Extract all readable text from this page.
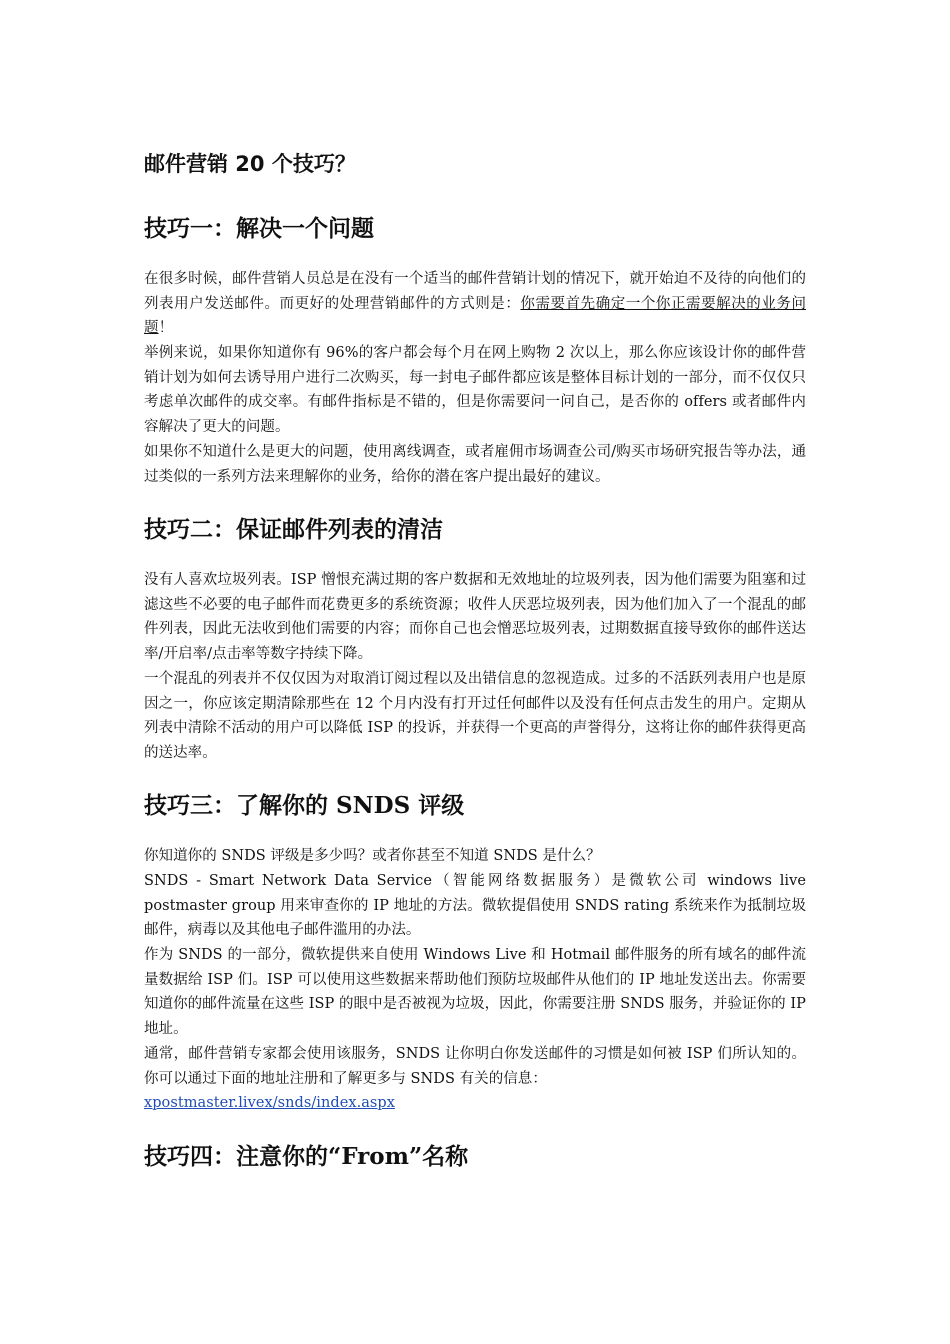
邮件营销 20 个技巧？
技巧一：解决一个问题

在很多时候，邮件营销人员总是在没有一个适当的邮件营销计划的情况下，就开始迫不及待的向他们的列表用户发送邮件。而更好的处理营销邮件的方式则是：你需要首先确定一个你正需要解决的业务问题！

举例来说，如果你知道你有 96%的客户都会每个月在网上购物 2 次以上，那么你应该设计你的邮件营销计划为如何去诱导用户进行二次购买，每一封电子邮件都应该是整体目标计划的一部分，而不仅仅只考虑单次邮件的成交率。有邮件指标是不错的，但是你需要问一问自己，是否你的 offers 或者邮件内容解决了更大的问题。

如果你不知道什么是更大的问题，使用离线调查，或者雇佣市场调查公司/购买市场研究报告等办法，通过类似的一系列方法来理解你的业务，给你的潜在客户提出最好的建议。

技巧二：保证邮件列表的清洁

没有人喜欢垃圾列表。ISP 憎恨充满过期的客户数据和无效地址的垃圾列表，因为他们需要为阻塞和过滤这些不必要的电子邮件而花费更多的系统资源；收件人厌恶垃圾列表，因为他们加入了一个混乱的邮件列表，因此无法收到他们需要的内容；而你自己也会憎恶垃圾列表，过期数据直接导致你的邮件送达率/开启率/点击率等数字持续下降。

一个混乱的列表并不仅仅因为对取消订阅过程以及出错信息的忽视造成。过多的不活跃列表用户也是原因之一，你应该定期清除那些在 12 个月内没有打开过任何邮件以及没有任何点击发生的用户。定期从列表中清除不活动的用户可以降低 ISP 的投诉，并获得一个更高的声誉得分，这将让你的邮件获得更高的送达率。

技巧三：了解你的 SNDS 评级

你知道你的 SNDS 评级是多少吗？或者你甚至不知道 SNDS 是什么？

SNDS - Smart Network Data Service（智能网络数据服务）是微软公司 windows live postmaster group 用来审查你的 IP 地址的方法。微软提倡使用 SNDS rating 系统来作为抵制垃圾邮件，病毒以及其他电子邮件滥用的办法。

作为 SNDS 的一部分，微软提供来自使用 Windows Live 和 Hotmail 邮件服务的所有域名的邮件流量数据给 ISP 们。ISP 可以使用这些数据来帮助他们预防垃圾邮件从他们的 IP 地址发送出去。你需要知道你的邮件流量在这些 ISP 的眼中是否被视为垃圾，因此，你需要注册 SNDS 服务，并验证你的 IP 地址。

通常，邮件营销专家都会使用该服务，SNDS 让你明白你发送邮件的习惯是如何被 ISP 们所认知的。你可以通过下面的地址注册和了解更多与 SNDS 有关的信息：
xpostmaster.livex/snds/index.aspx

技巧四：注意你的“From”名称
